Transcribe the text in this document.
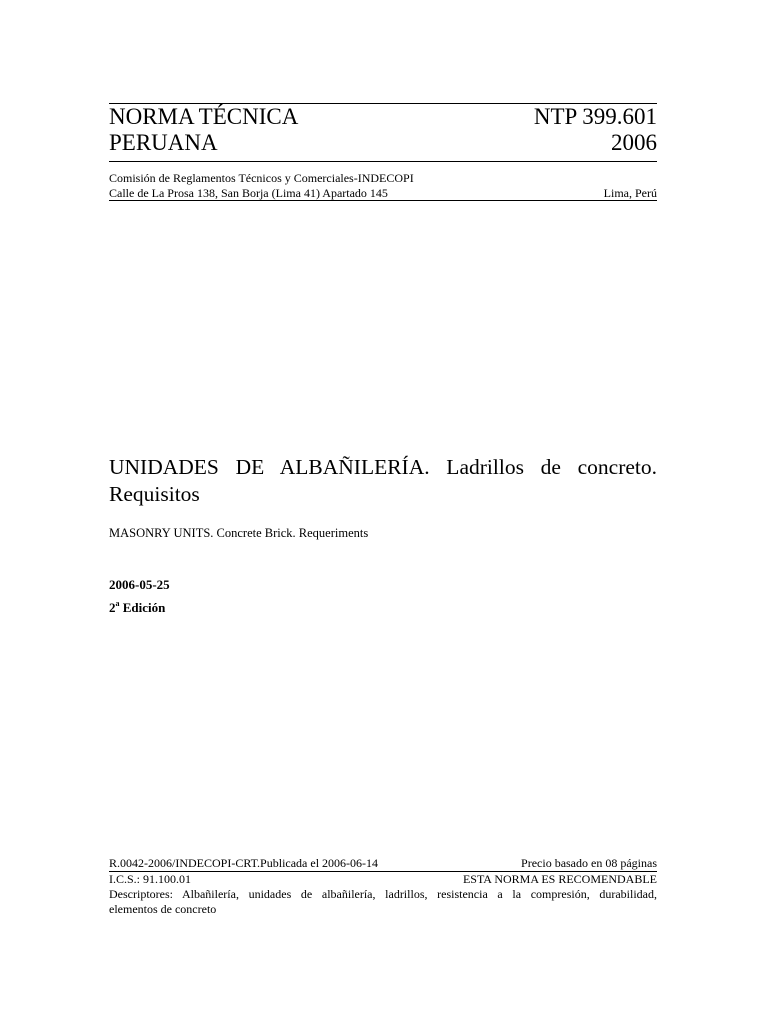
NORMA TÉCNICA	NTP 399.601
PERUANA	2006
Comisión de Reglamentos Técnicos y Comerciales-INDECOPI
Calle de La Prosa 138, San Borja (Lima 41) Apartado 145	Lima, Perú
UNIDADES DE ALBAÑILERÍA. Ladrillos de concreto.
Requisitos
MASONRY UNITS. Concrete Brick. Requeriments
2006-05-25
2$^a$ Edición
R.0042-2006/INDECOPI-CRT.Publicada el 2006-06-14	Precio basado en 08 páginas
I.C.S.: 91.100.01	ESTA NORMA ES RECOMENDABLE
Descriptores: Albañilería, unidades de albañilería, ladrillos, resistencia a la compresión, durabilidad,
elementos de concreto
